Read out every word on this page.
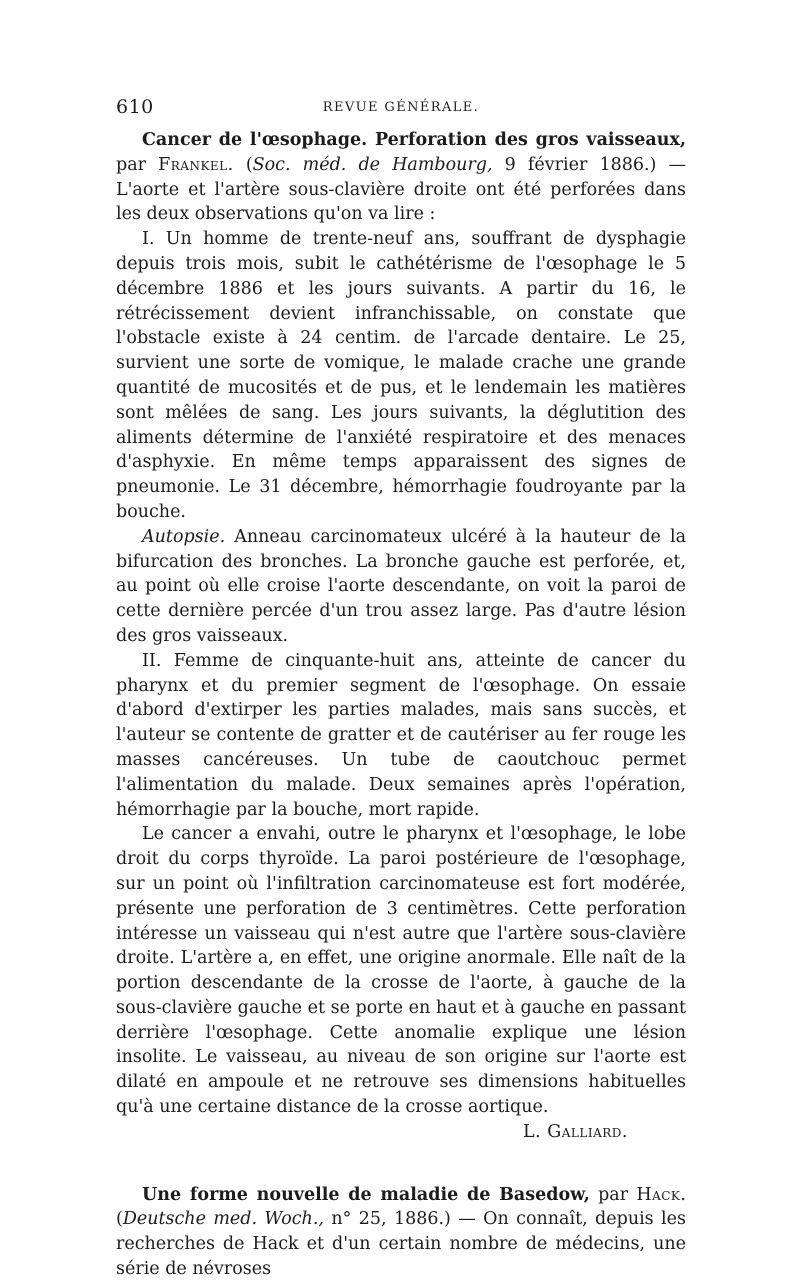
610	REVUE GÉNÉRALE.

Cancer de l'œsophage. Perforation des gros vaisseaux, par Frankel. (Soc. méd. de Hambourg, 9 février 1886.) — L'aorte et l'artère sous-clavière droite ont été perforées dans les deux observations qu'on va lire :

I. Un homme de trente-neuf ans, souffrant de dysphagie depuis trois mois, subit le cathétérisme de l'œsophage le 5 décembre 1886 et les jours suivants. A partir du 16, le rétrécissement devient infranchissable, on constate que l'obstacle existe à 24 centim. de l'arcade dentaire. Le 25, survient une sorte de vomique, le malade crache une grande quantité de mucosités et de pus, et le lendemain les matières sont mêlées de sang. Les jours suivants, la déglutition des aliments détermine de l'anxiété respiratoire et des menaces d'asphyxie. En même temps apparaissent des signes de pneumonie. Le 31 décembre, hémorrhagie foudroyante par la bouche.

Autopsie. Anneau carcinomateux ulcéré à la hauteur de la bifurcation des bronches. La bronche gauche est perforée, et, au point où elle croise l'aorte descendante, on voit la paroi de cette dernière percée d'un trou assez large. Pas d'autre lésion des gros vaisseaux.

II. Femme de cinquante-huit ans, atteinte de cancer du pharynx et du premier segment de l'œsophage. On essaie d'abord d'extirper les parties malades, mais sans succès, et l'auteur se contente de gratter et de cautériser au fer rouge les masses cancéreuses. Un tube de caoutchouc permet l'alimentation du malade. Deux semaines après l'opération, hémorrhagie par la bouche, mort rapide.

Le cancer a envahi, outre le pharynx et l'œsophage, le lobe droit du corps thyroïde. La paroi postérieure de l'œsophage, sur un point où l'infiltration carcinomateuse est fort modérée, présente une perforation de 3 centimètres. Cette perforation intéresse un vaisseau qui n'est autre que l'artère sous-clavière droite. L'artère a, en effet, une origine anormale. Elle naît de la portion descendante de la crosse de l'aorte, à gauche de la sous-clavière gauche et se porte en haut et à gauche en passant derrière l'œsophage. Cette anomalie explique une lésion insolite. Le vaisseau, au niveau de son origine sur l'aorte est dilaté en ampoule et ne retrouve ses dimensions habituelles qu'à une certaine distance de la crosse aortique.

L. Galliard.

Une forme nouvelle de maladie de Basedow, par Hack. (Deutsche med. Woch., n° 25, 1886.) — On connaît, depuis les recherches de Hack et d'un certain nombre de médecins, une série de névroses
